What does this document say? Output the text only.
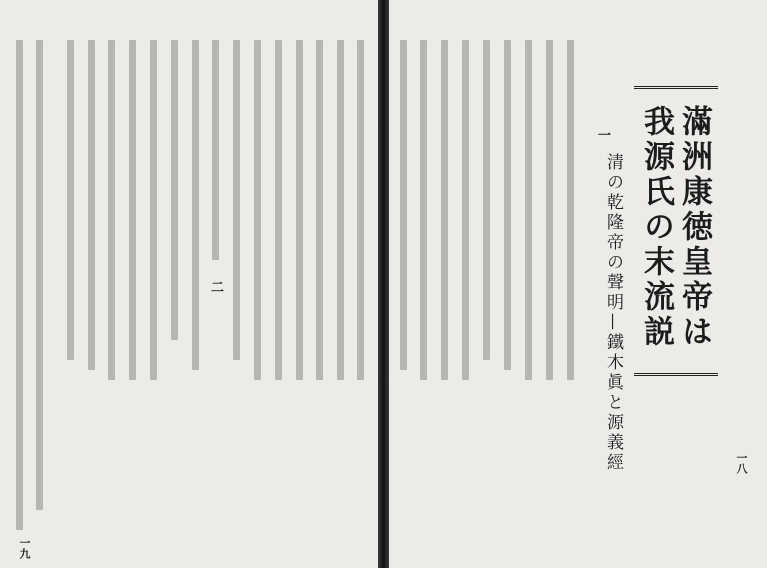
二
一九
一八
一
清の乾隆帝の聲明—鐵木眞と源義經 滿洲康徳皇帝は
我源氏の末流説
